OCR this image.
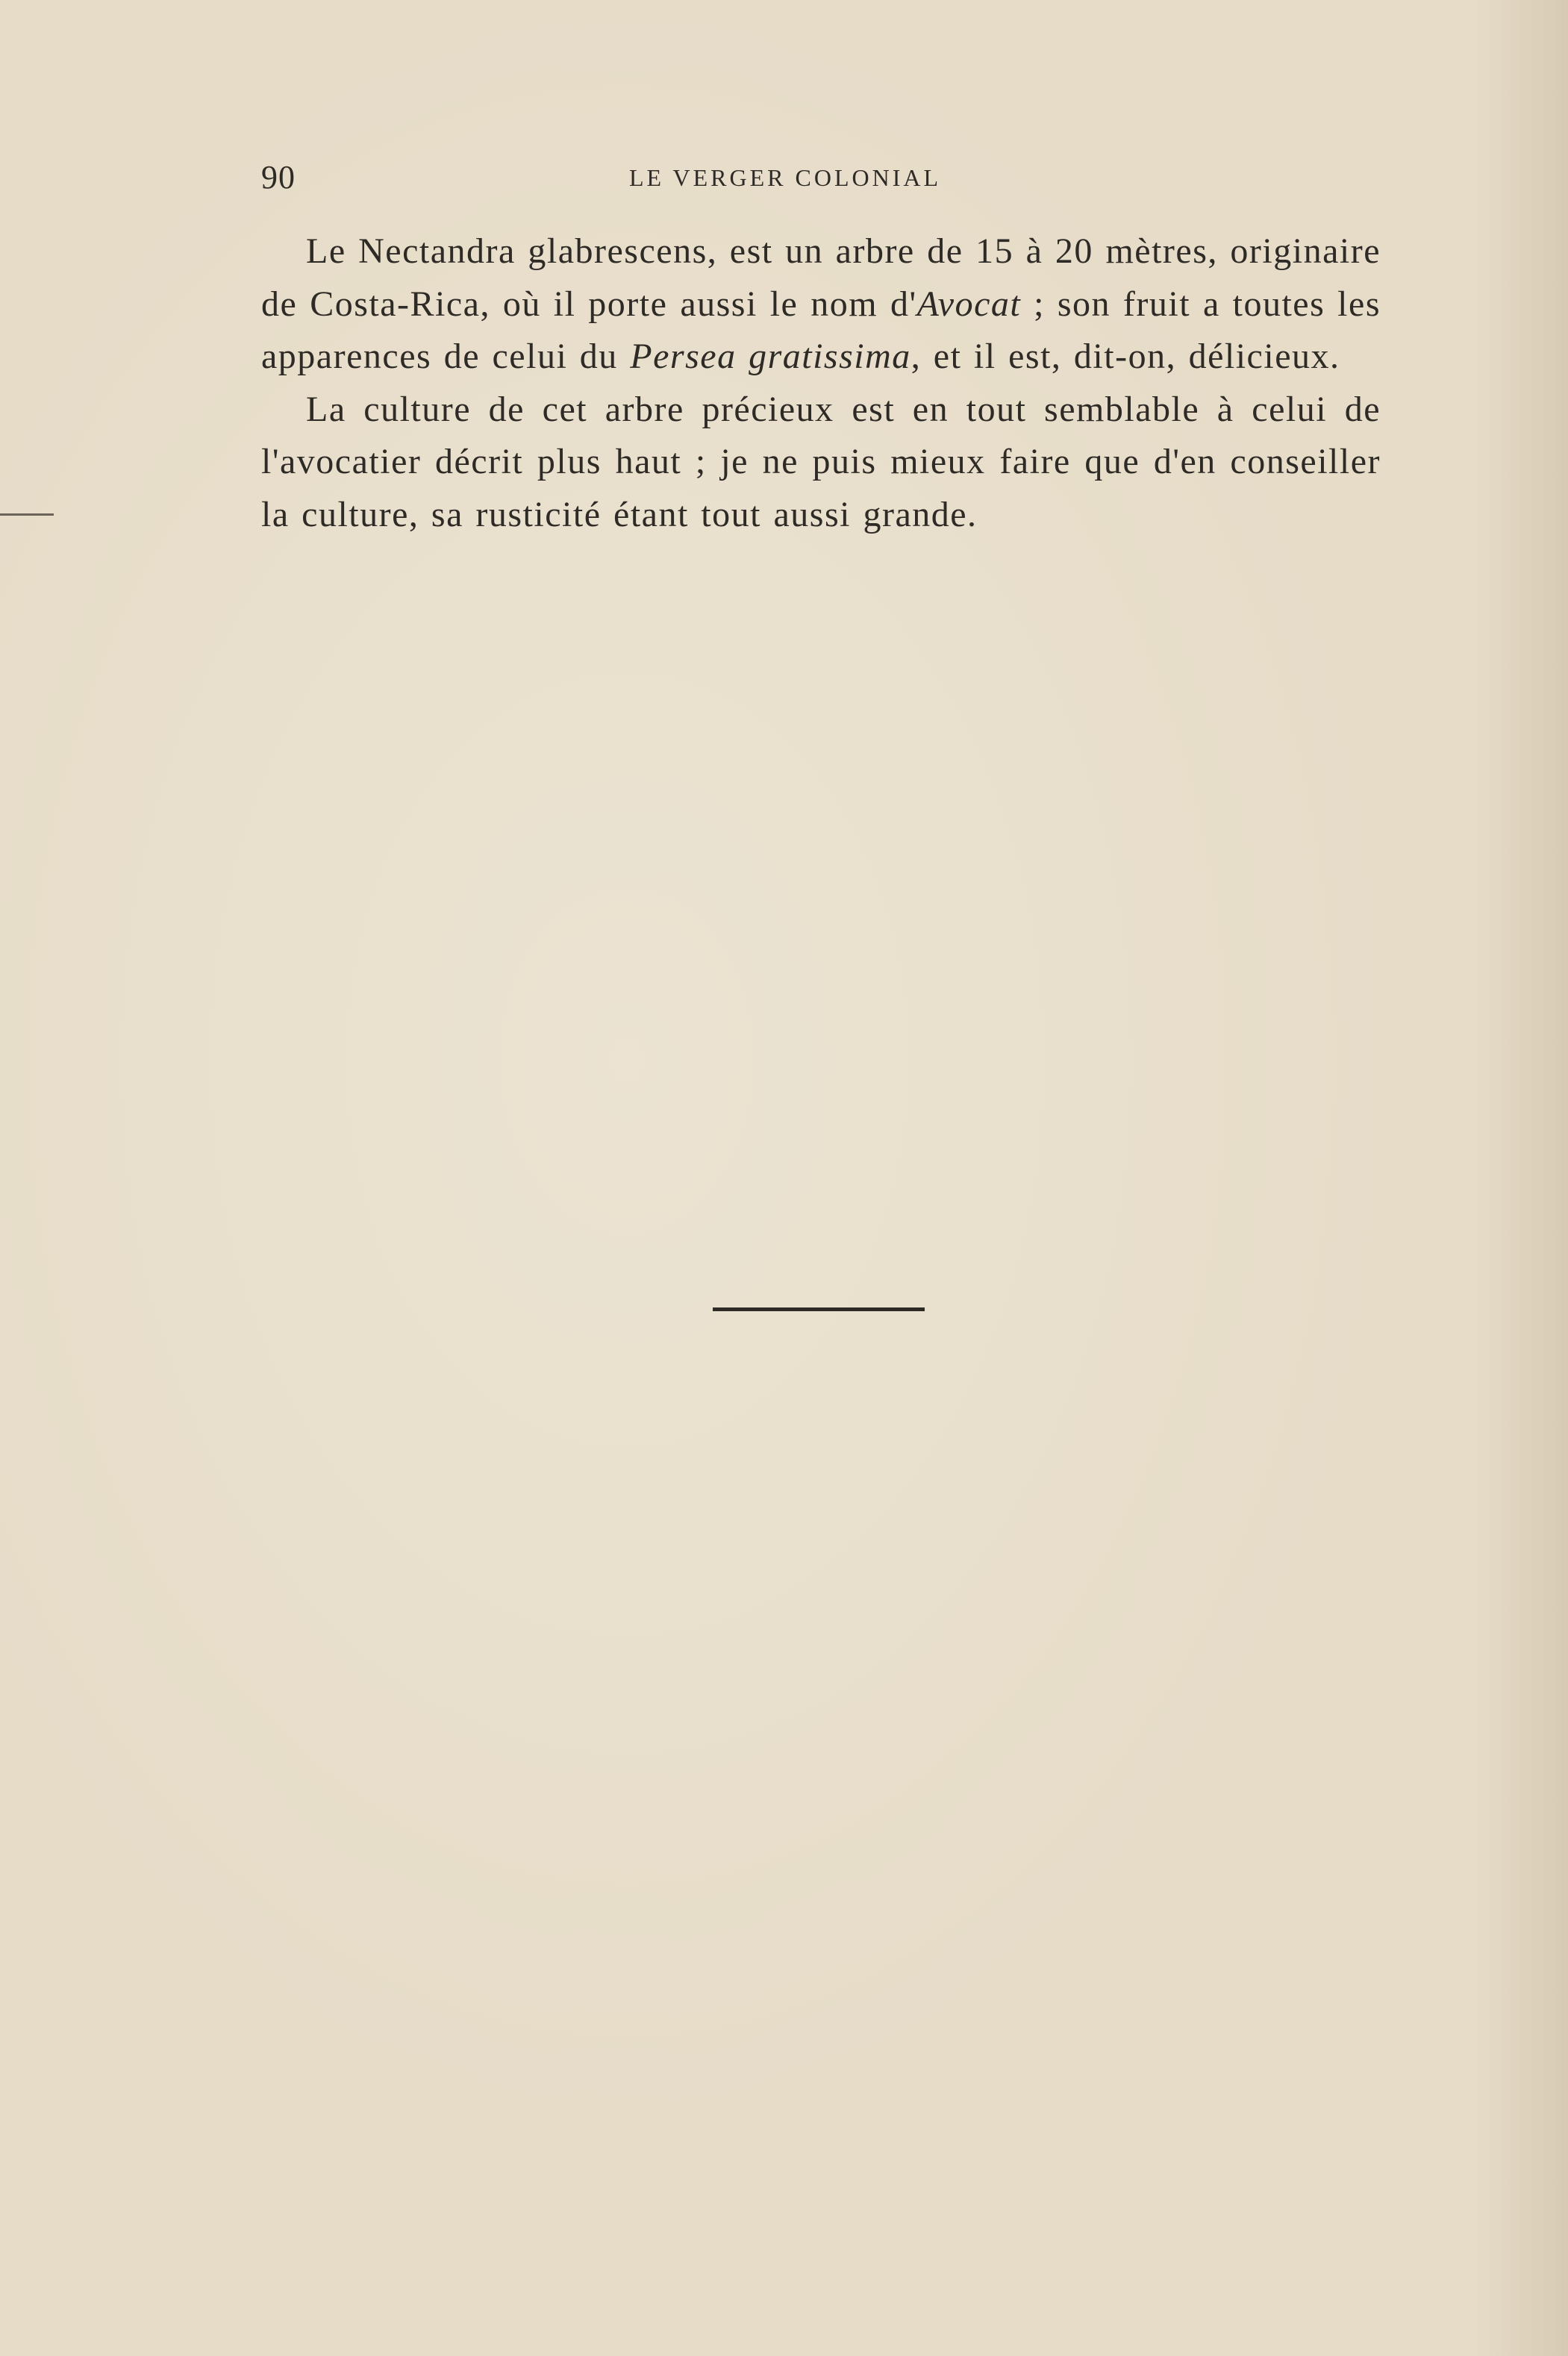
90	LE VERGER COLONIAL

Le Nectandra glabrescens, est un arbre de 15 à 20 mètres, originaire de Costa-Rica, où il porte aussi le nom d'Avocat ; son fruit a toutes les apparences de celui du Persea gratissima, et il est, dit-on, délicieux.

La culture de cet arbre précieux est en tout semblable à celui de l'avocatier décrit plus haut ; je ne puis mieux faire que d'en conseiller la culture, sa rusticité étant tout aussi grande.
